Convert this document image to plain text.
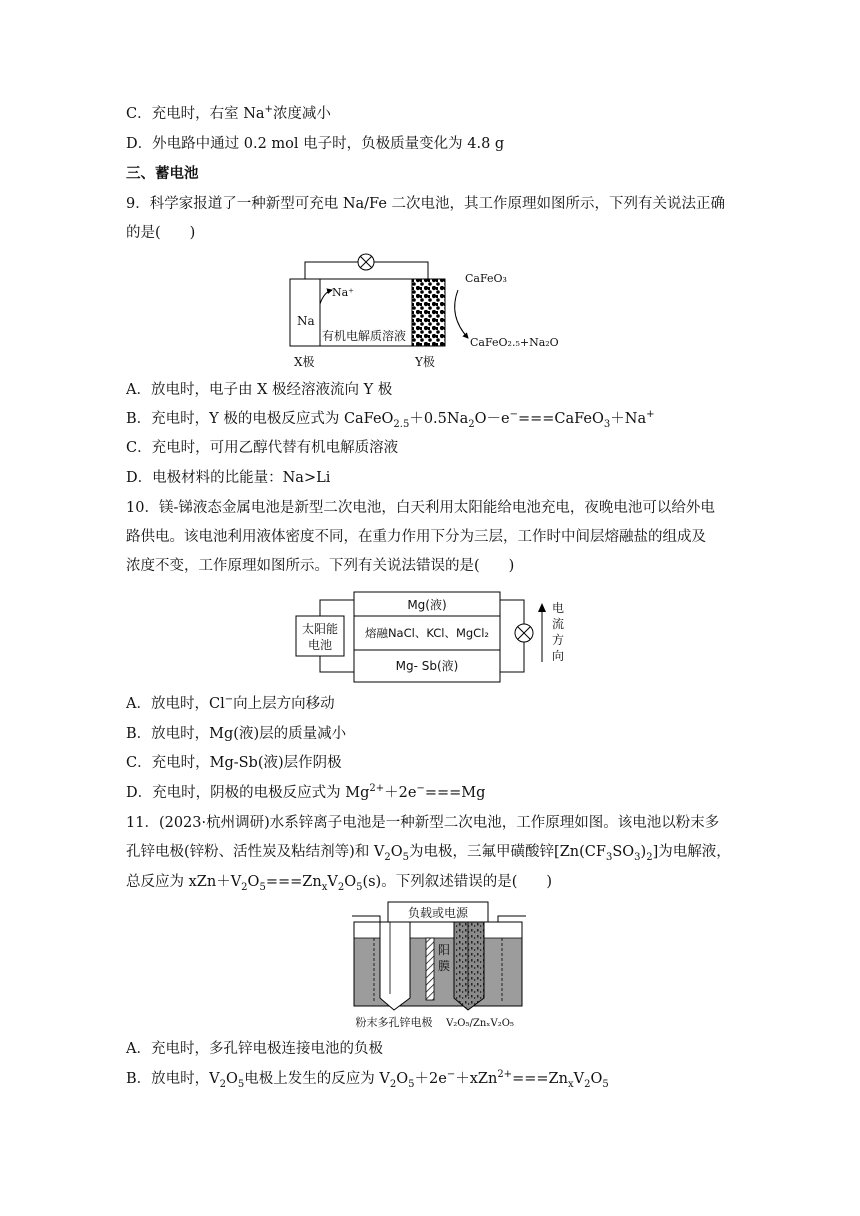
C．充电时，右室 Na+浓度减小
D．外电路中通过 0.2 mol 电子时，负极质量变化为 4.8 g
三、蓄电池
9．科学家报道了一种新型可充电 Na/Fe 二次电池，其工作原理如图所示，下列有关说法正确
的是(　　)
Na⁺
Na
有机电解质溶液
X极	Y极
CaFeO₃
CaFeO₂.₅+Na₂O
A．放电时，电子由 X 极经溶液流向 Y 极
B．充电时，Y 极的电极反应式为 $CaFeO_{2.5}+0.5Na_2O-e^-===CaFeO_3+Na^+$
C．充电时，可用乙醇代替有机电解质溶液
D．电极材料的比能量：Na>Li
10．镁-锑液态金属电池是新型二次电池，白天利用太阳能给电池充电，夜晚电池可以给外电
路供电。该电池利用液体密度不同，在重力作用下分为三层，工作时中间层熔融盐的组成及
浓度不变，工作原理如图所示。下列有关说法错误的是(　　)
太阳能
电池
Mg(液)
熔融NaCl、KCl、MgCl₂
Mg- Sb(液)
电
流
方
向
A．放电时，Cl−向上层方向移动
B．放电时，Mg(液)层的质量减小
C．充电时，Mg-Sb(液)层作阴极
D．充电时，阴极的电极反应式为 $Mg^{2+}+2e^-===Mg$
11．(2023·杭州调研)水系锌离子电池是一种新型二次电池，工作原理如图。该电池以粉末多
孔锌电极(锌粉、活性炭及粘结剂等)和 $V_2O_5$为电极，三氟甲磺酸锌$[Zn(CF_3SO_3)_2]$为电解液，
总反应为 $xZn+V_2O_5===Zn_xV_2O_5(s)$。下列叙述错误的是(　　)
负载或电源
阳
膜
粉末多孔锌电极 V₂O₅/ZnₓV₂O₅
A．充电时，多孔锌电极连接电池的负极
B．放电时，$V_2O_5$电极上发生的反应为 $V_2O_5+2e^-+xZn^{2+}===Zn_xV_2O_5$
